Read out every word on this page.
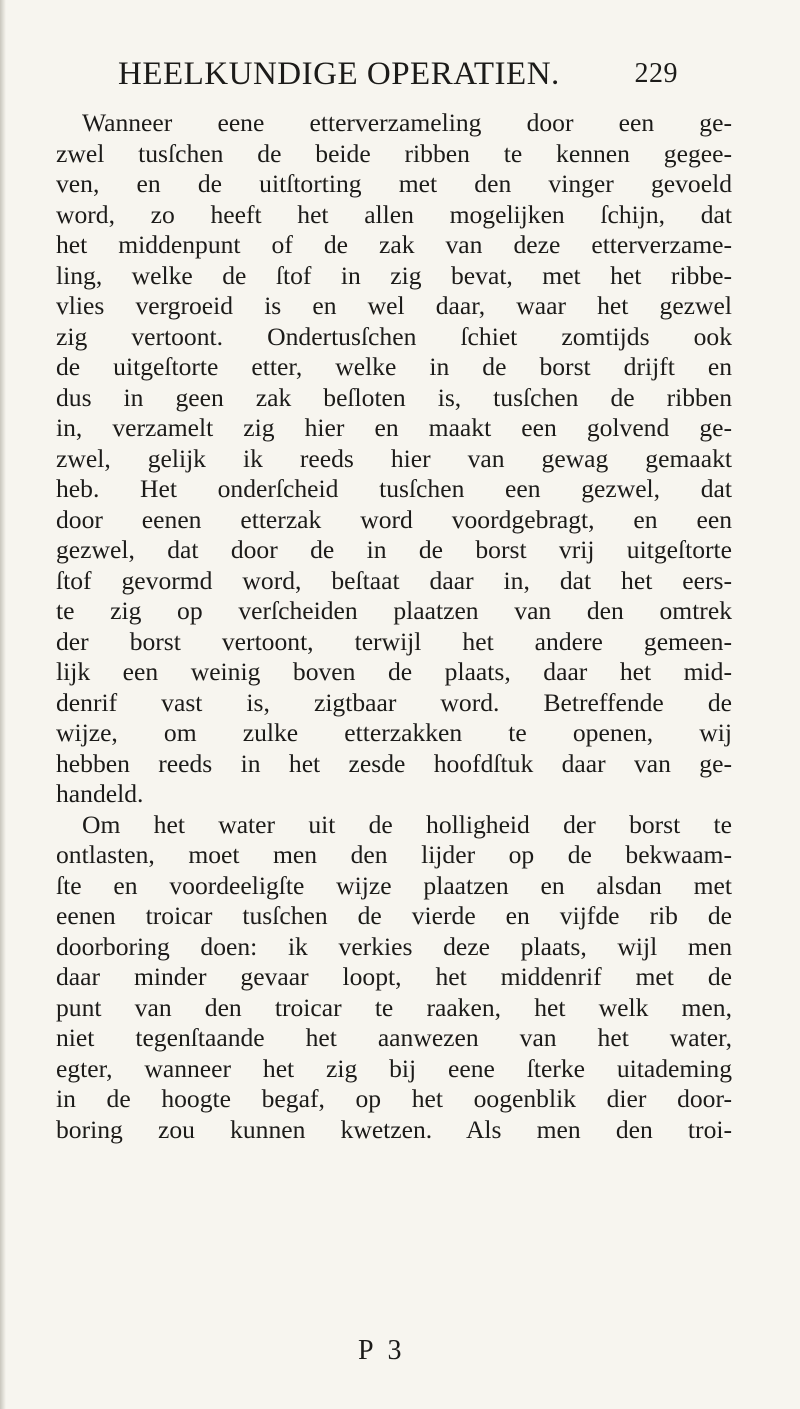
HEELKUNDIGE OPERATIEN.	229
Wanneer eene etterverzameling door een ge-
zwel tusſchen de beide ribben te kennen gegee-
ven, en de uitſtorting met den vinger gevoeld
word, zo heeft het allen mogelijken ſchijn, dat
het middenpunt of de zak van deze etterverzame-
ling, welke de ſtof in zig bevat, met het ribbe-
vlies vergroeid is en wel daar, waar het gezwel
zig vertoont. Ondertusſchen ſchiet zomtijds ook
de uitgeſtorte etter, welke in de borst drijft en
dus in geen zak beſloten is, tusſchen de ribben
in, verzamelt zig hier en maakt een golvend ge-
zwel, gelijk ik reeds hier van gewag gemaakt
heb. Het onderſcheid tusſchen een gezwel, dat
door eenen etterzak word voordgebragt, en een
gezwel, dat door de in de borst vrij uitgeſtorte
ſtof gevormd word, beſtaat daar in, dat het eers-
te zig op verſcheiden plaatzen van den omtrek
der borst vertoont, terwijl het andere gemeen-
lijk een weinig boven de plaats, daar het mid-
denrif vast is, zigtbaar word. Betreffende de
wijze, om zulke etterzakken te openen, wij
hebben reeds in het zesde hoofdſtuk daar van ge-
handeld.
Om het water uit de holligheid der borst te
ontlasten, moet men den lijder op de bekwaam-
ſte en voordeeligſte wijze plaatzen en alsdan met
eenen troicar tusſchen de vierde en vijfde rib de
doorboring doen: ik verkies deze plaats, wijl men
daar minder gevaar loopt, het middenrif met de
punt van den troicar te raaken, het welk men,
niet tegenſtaande het aanwezen van het water,
egter, wanneer het zig bij eene ſterke uitademing
in de hoogte begaf, op het oogenblik dier door-
boring zou kunnen kwetzen. Als men den troi-
P 3
